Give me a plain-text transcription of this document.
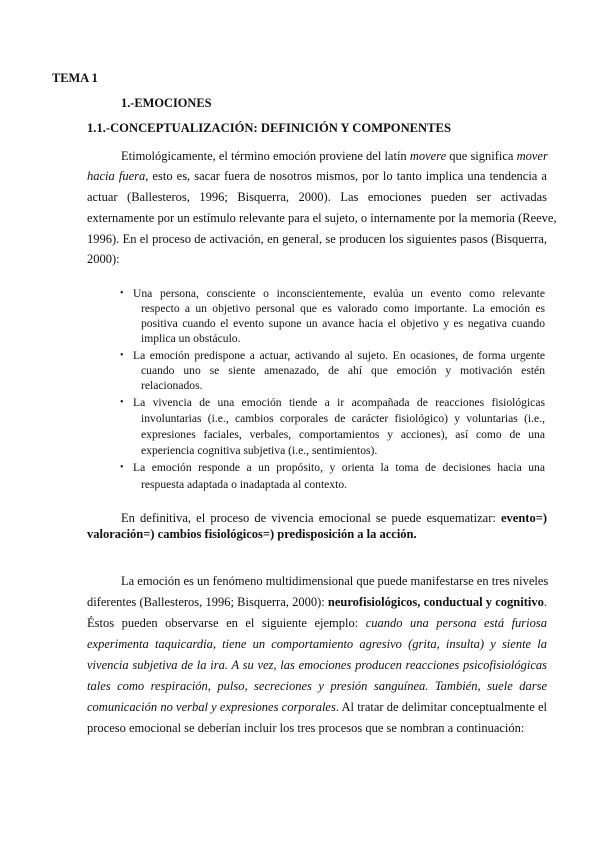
TEMA 1
1.-EMOCIONES
1.1.-CONCEPTUALIZACIÓN: DEFINICIÓN Y COMPONENTES
Etimológicamente, el término emoción proviene del latín movere que significa mover
hacia fuera, esto es, sacar fuera de nosotros mismos, por lo tanto implica una tendencia a
actuar (Ballesteros, 1996; Bisquerra, 2000). Las emociones pueden ser activadas
externamente por un estímulo relevante para el sujeto, o internamente por la memoria (Reeve,
1996). En el proceso de activación, en general, se producen los siguientes pasos (Bisquerra,
2000):
• Una persona, consciente o inconscientemente, evalúa un evento como relevante
respecto a un objetivo personal que es valorado como importante. La emoción es
positiva cuando el evento supone un avance hacia el objetivo y es negativa cuando
implica un obstáculo.
• La emoción predispone a actuar, activando al sujeto. En ocasiones, de forma urgente
cuando uno se siente amenazado, de ahí que emoción y motivación estén
relacionados.
• La vivencia de una emoción tiende a ir acompañada de reacciones fisiológicas
involuntarias (i.e., cambios corporales de carácter fisiológico) y voluntarias (i.e.,
expresiones faciales, verbales, comportamientos y acciones), así como de una
experiencia cognitiva subjetiva (i.e., sentimientos).
• La emoción responde a un propósito, y orienta la toma de decisiones hacia una
respuesta adaptada o inadaptada al contexto.
En definitiva, el proceso de vivencia emocional se puede esquematizar: evento=)
valoración=) cambios fisiológicos=) predisposición a la acción.
La emoción es un fenómeno multidimensional que puede manifestarse en tres niveles
diferentes (Ballesteros, 1996; Bisquerra, 2000): neurofisiológicos, conductual y cognitivo.
Éstos pueden observarse en el siguiente ejemplo: cuando una persona está furiosa
experimenta taquicardia, tiene un comportamiento agresivo (grita, insulta) y siente la
vivencia subjetiva de la ira. A su vez, las emociones producen reacciones psicofisiológicas
tales como respiración, pulso, secreciones y presión sanguínea. También, suele darse
comunicación no verbal y expresiones corporales. Al tratar de delimitar conceptualmente el
proceso emocional se deberían incluir los tres procesos que se nombran a continuación:
